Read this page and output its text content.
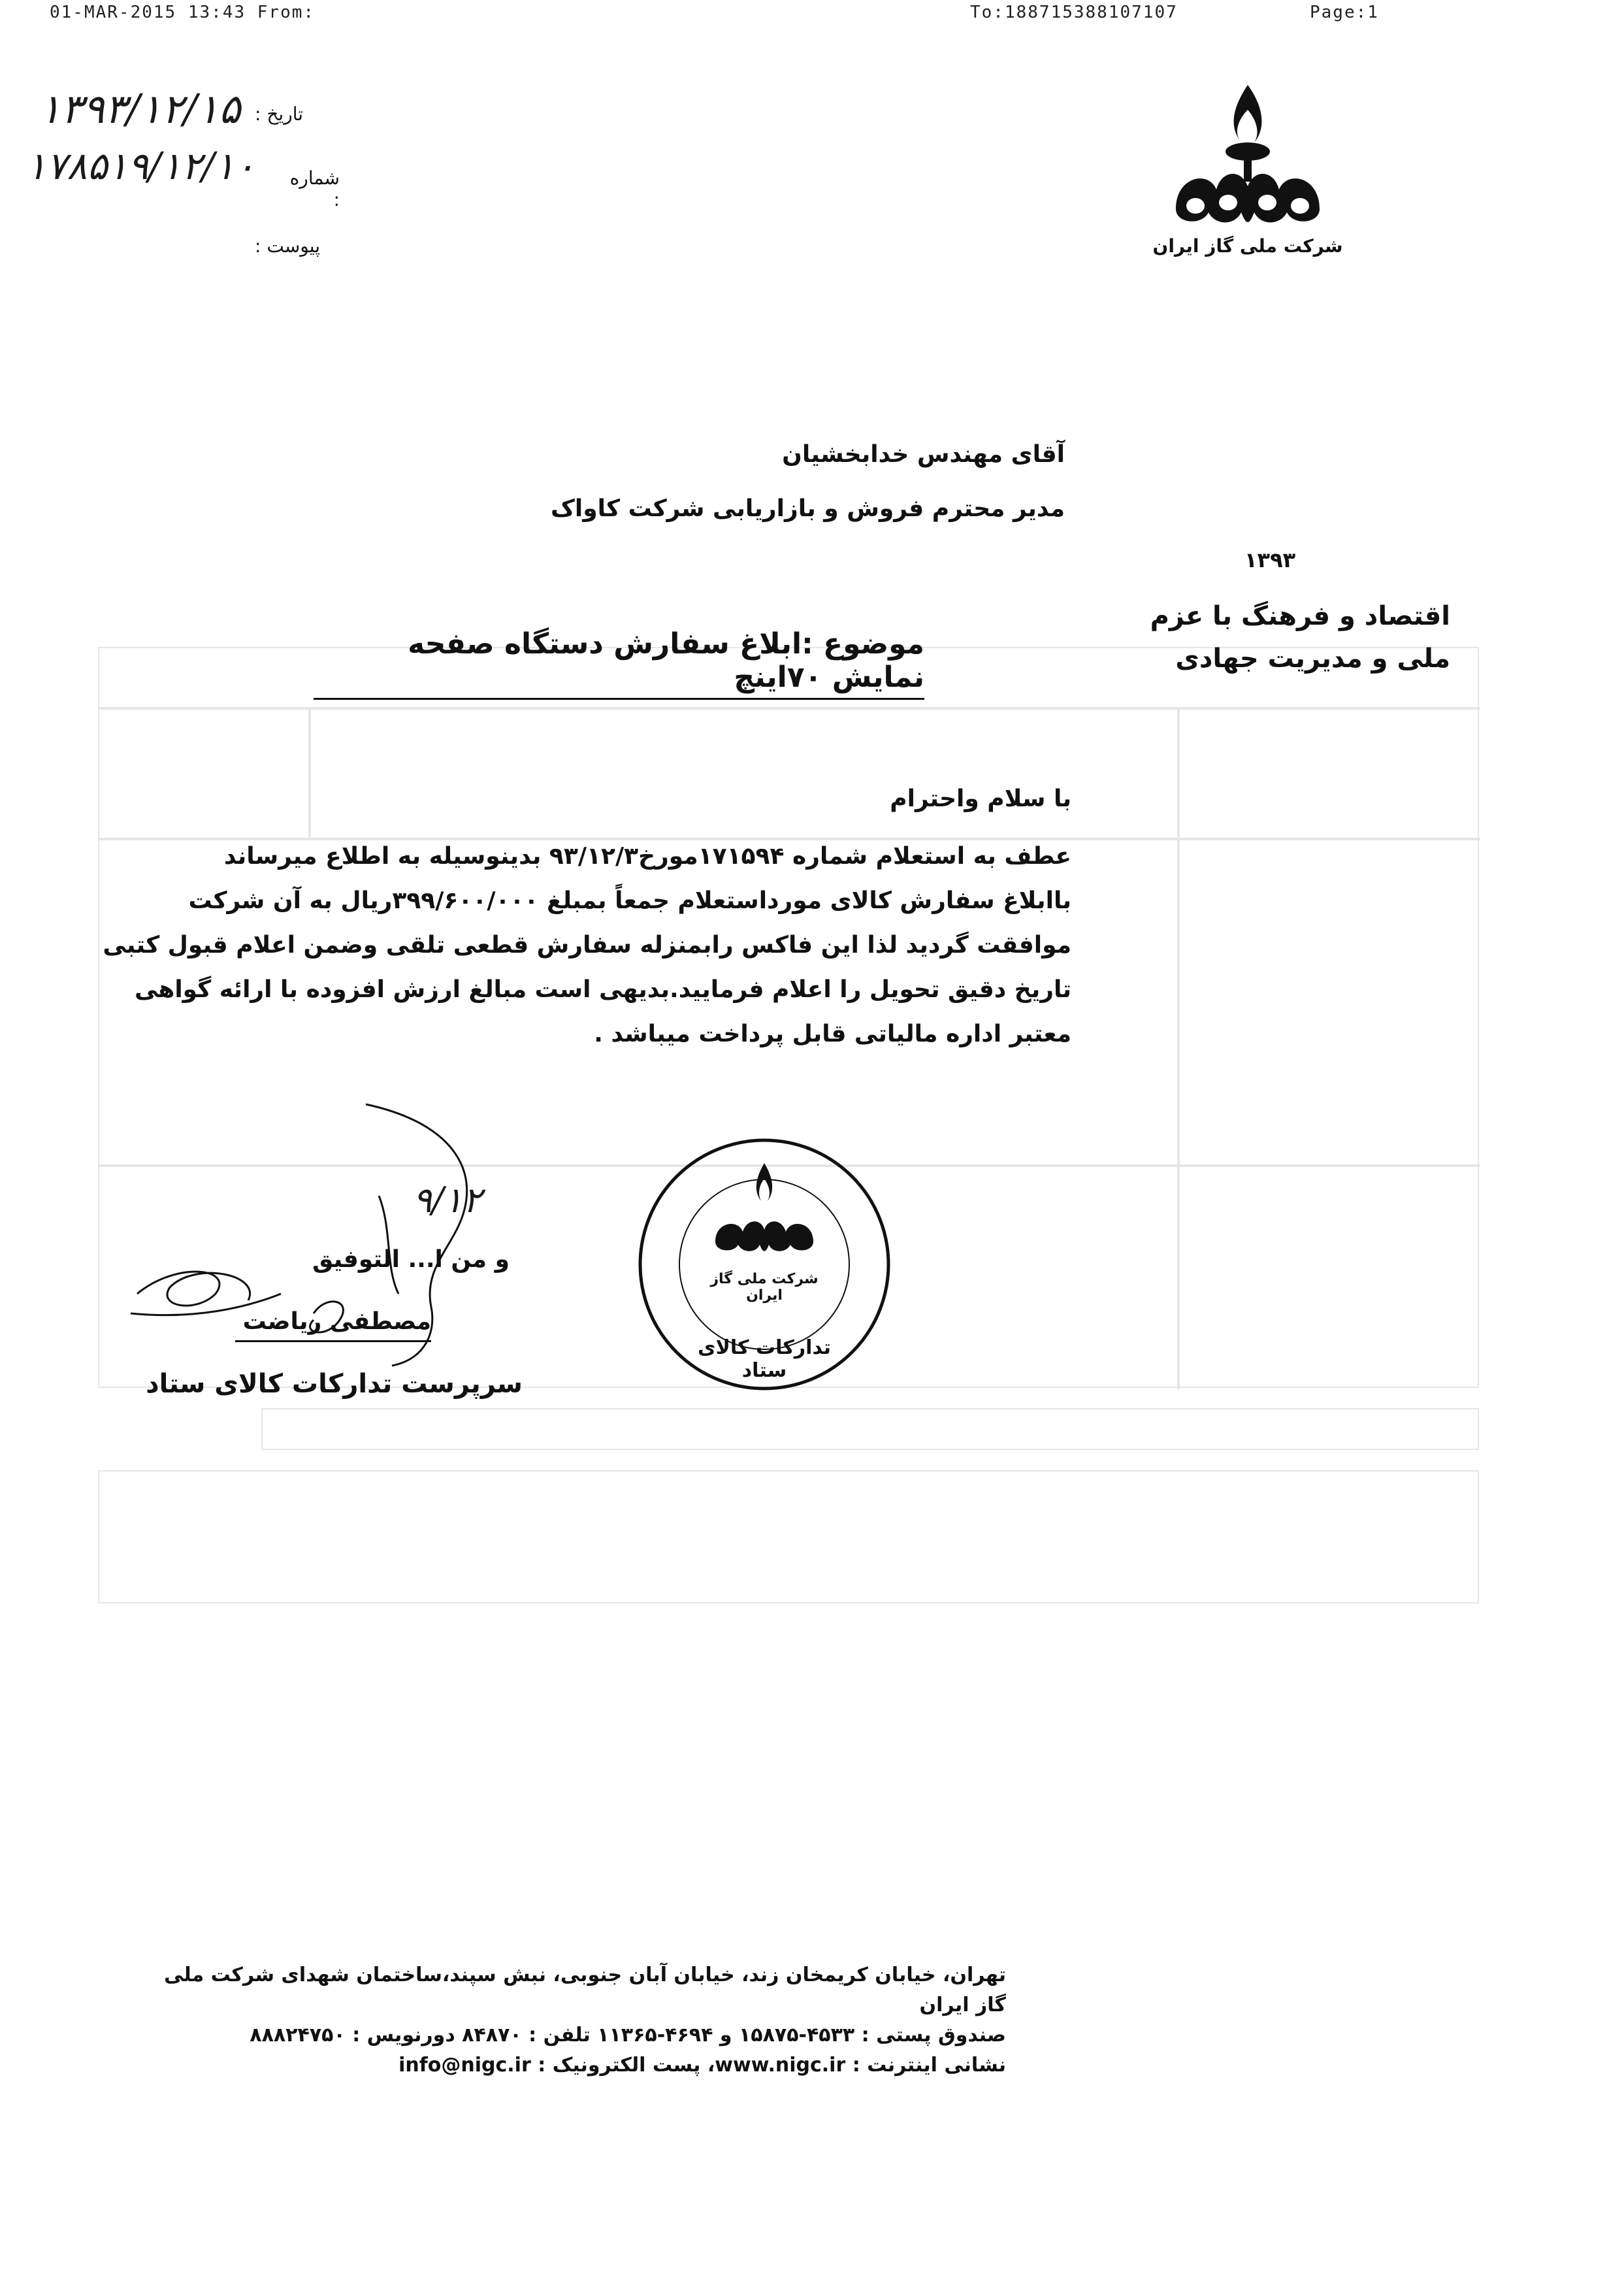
01-MAR-2015 13:43 From:	To:188715388107107	Page:1
۱۳۹۳/۱۲/۱۵ تاریخ :
۱۷۸۵۱۹/۱۲/۱۰ شماره :
پیوست :	شرکت ملی گاز ایران
۱۳۹۳
اقتصاد و فرهنگ با عزم
ملی و مدیریت جهادی
آقای مهندس خدابخشیان
مدیر محترم فروش و بازاریابی شرکت کاواک
موضوع :ابلاغ سفارش دستگاه صفحه نمایش ۷۰اینچ
با سلام واحترام
عطف به استعلام شماره ۱۷۱۵۹۴مورخ۹۳/۱۲/۳ بدینوسیله به اطلاع میرساند
باابلاغ سفارش کالای مورداستعلام جمعاً بمبلغ ۳۹۹/۶۰۰/۰۰۰ریال به آن شرکت
موافقت گردید لذا این فاکس رابمنزله سفارش قطعی تلقی وضمن اعلام قبول کتبی
تاریخ دقیق تحویل را اعلام فرمایید.بدیهی است مبالغ ارزش افزوده با ارائه گواهی
معتبر اداره مالیاتی قابل پرداخت میباشد .
۹/۱۲
و من ا... التوفیق
مصطفی ریاضت
سرپرست تدارکات کالای ستاد
شرکت ملی گاز ایران
تدارکات کالای ستاد
تهران، خیابان کریمخان زند، خیابان آبان جنوبی، نبش سپند،ساختمان شهدای شرکت ملی گاز ایران
صندوق پستی : ۴۵۳۳-۱۵۸۷۵ و ۴۶۹۴-۱۱۳۶۵ تلفن : ۸۴۸۷۰ دورنویس : ۸۸۸۲۴۷۵۰
نشانی اینترنت : www.nigc.ir، پست الکترونیک : info@nigc.ir
